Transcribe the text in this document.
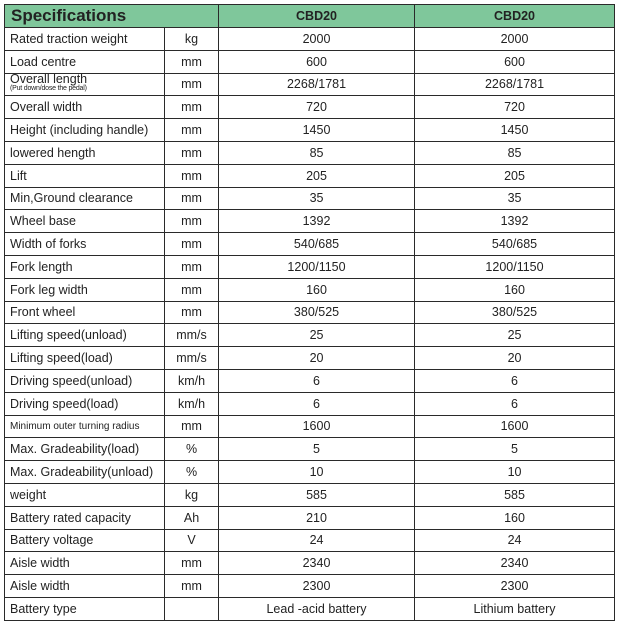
Specifications		CBD20	CBD20
Rated traction weight	kg	2000	2000
Load centre	mm	600	600

Overall length
(Put down/dose the pedal)	mm	2268/1781	2268/1781
Overall width	mm	720	720
Height (including handle)	mm	1450	1450
lowered hength	mm	85	85
Lift	mm	205	205
Min,Ground clearance	mm	35	35
Wheel base	mm	1392	1392
Width of forks	mm	540/685	540/685
Fork length	mm	1200/1150	1200/1150
Fork leg width	mm	160	160
Front wheel	mm	380/525	380/525
Lifting speed(unload)	mm/s	25	25
Lifting speed(load)	mm/s	20	20
Driving speed(unload)	km/h	6	6
Driving speed(load)	km/h	6	6
Minimum outer turning radius	mm	1600	1600
Max. Gradeability(load)	%	5	5
Max. Gradeability(unload)	%	10	10
weight	kg	585	585
Battery rated capacity	Ah	210	160
Battery voltage	V	24	24
Aisle width	mm	2340	2340
Aisle width	mm	2300	2300
Battery type		Lead -acid battery	Lithium battery
